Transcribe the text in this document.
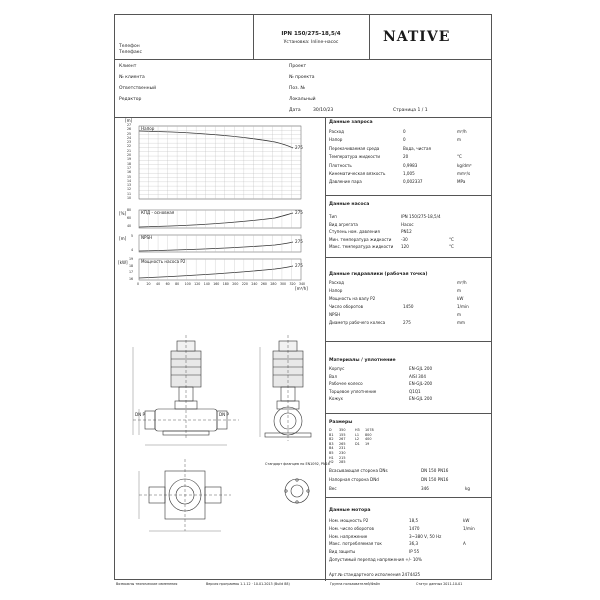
Телефон
Телефакс
IPN 150/275-18,5/4
Установка: Inline-насос	NATIVE
Клиент
№ клиента
Ответственный
Редактор
Проект
№ проекта
Поз. №
Локальный
Дата	30/10/23	Страница 1 / 1
[m]
27
26
25
24
23
22
21
20
19
18
17
16
15
14
13
12
11
10
80
60
40
5
4
19
18
17
16
Напор
275
КПД - основная	275
NPSH
275
Мощность насоса P2
275
[%]
[m]
[kW]
0 20 40 60 80 100 120 140 160 180 200 220 240 260 280 300 320 340
[m³/h]
DN P	DN P
Стандарт фланцев по EN1092, PN16
Данные запроса
Расход	0	m³/h
Напор	0	m
Перекачиваемая среда	Вода, чистая
Температура жидкости	20	°C
Плотность	0,9983	kg/dm³
Кинематическая вязкость	1,005	mm²/s
Давление пара	0,002337	MPa
Данные насоса
Тип	IPN 150/275-18,5/4
Вид агрегата	Насос
Ступень ном. давления	PN12
Мин. температура жидкости -30	°C
Макс. температура жидкости 120	°C
Данные гидравлики (рабочая точка)
Расход	m³/h
Напор	m
Мощность на валу P2	kW
Число оборотов	1450	1/min
NPSH	m
Диаметр рабочего колеса	275	mm
Материалы / уплотнение
Корпус	EN-GJL 200
Вал	AISI 304
Рабочее колесо	EN-GJL-200
Торцевое уплотнение	Q1Q1
Кожух	EN-GJL 200
Размеры
D 350	H3 1078
B1 155	L1 800
B2 267	L2 400
B3 265	D1 19
B4 231
B5 230
H1 215
H2 285
Всасывающая сторона DNs	DN 150 PN16
Напорная сторона DNd	DN 150 PN16
Вес	346	kg
Данные мотора
Ном. мощность P2	18,5	kW
Ном. число оборотов	1470	1/min
Ном. напряжение	3~380 V, 50 Hz
Макс. потребляемая ток	36,3	A
Вид защиты	IP 55
Допустимый перепад напряжения +/- 10%
Арт.№ стандартного исполнения 2474425
Возможны технические изменения	Версия программы 1.1.12 · 10.01.2013 (Build 88)	Группа пользователей/Файл	Статус данных 2011-10-01
